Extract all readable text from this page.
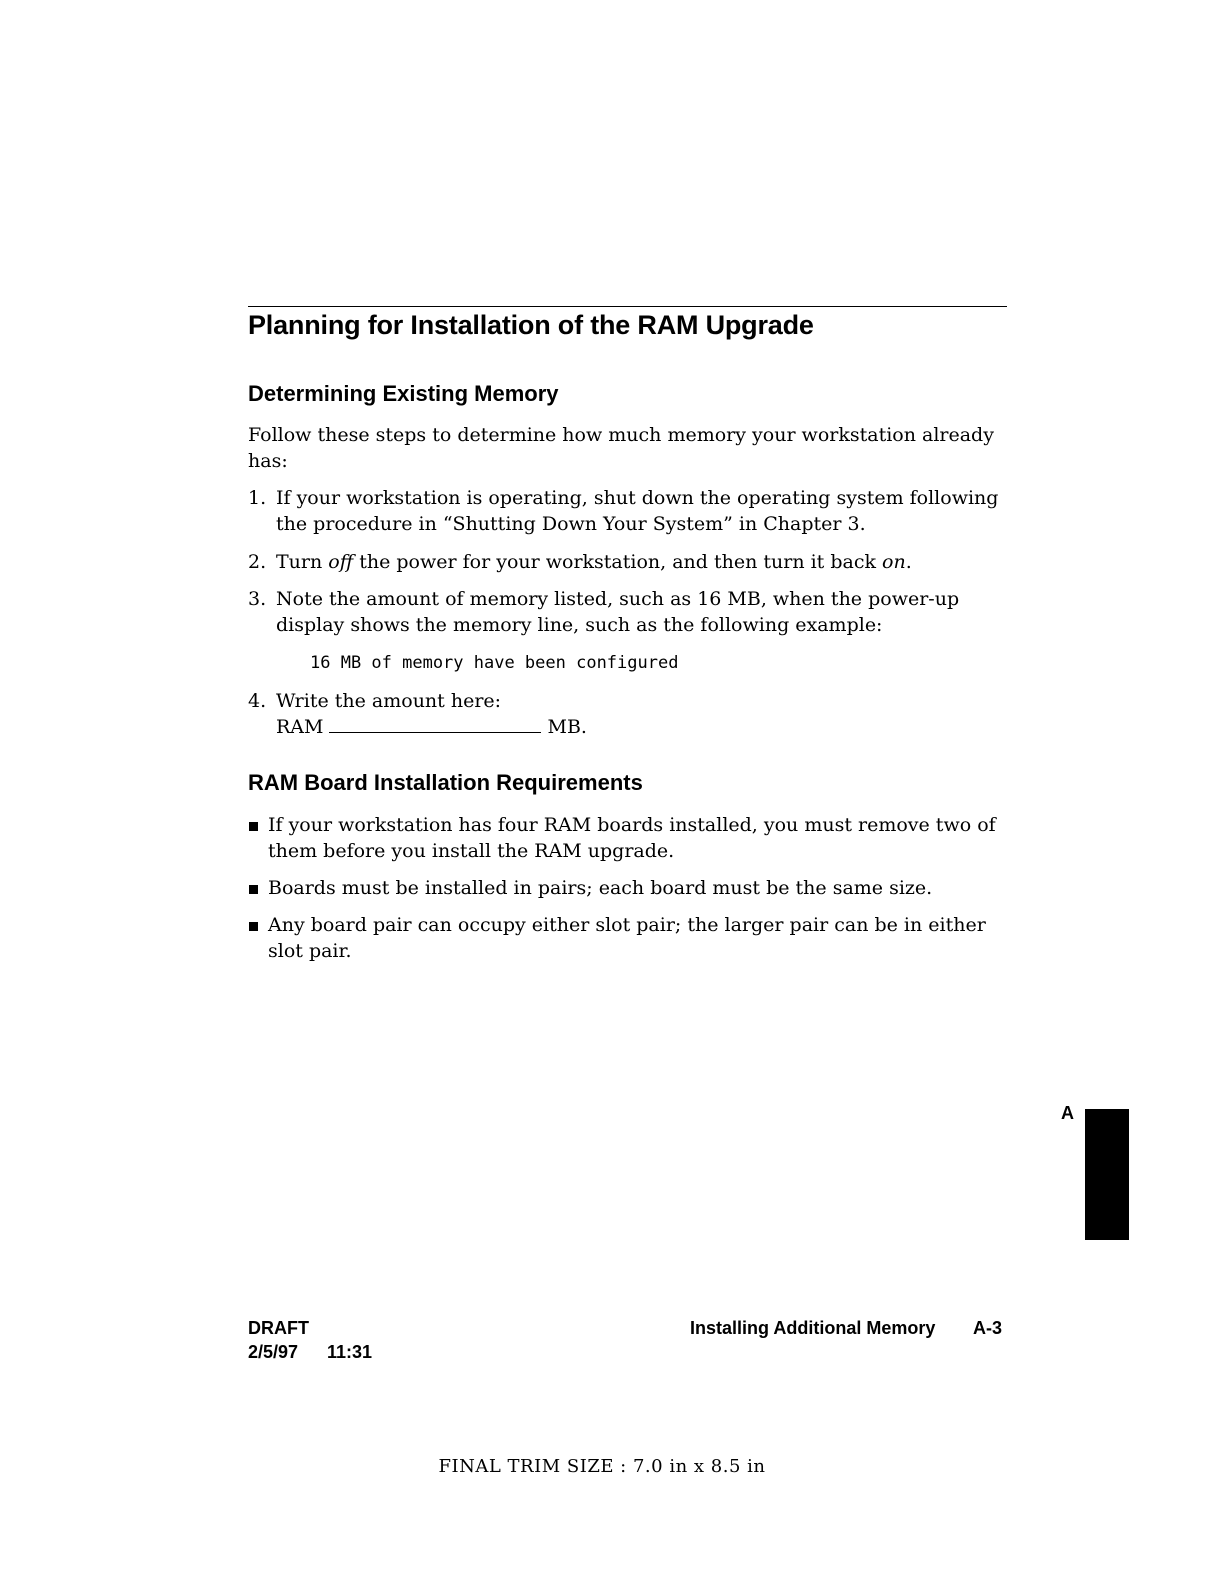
Planning for Installation of the RAM Upgrade
Determining Existing Memory
Follow these steps to determine how much memory your workstation already
has:
1. If your workstation is operating, shut down the operating system following
the procedure in “Shutting Down Your System” in Chapter 3.
2. Turn off the power for your workstation, and then turn it back on.
3. Note the amount of memory listed, such as 16 MB, when the power-up
display shows the memory line, such as the following example:
16 MB of memory have been configured
4. Write the amount here:
RAM	MB.
RAM Board Installation Requirements
If your workstation has four RAM boards installed, you must remove two of
them before you install the RAM upgrade.
Boards must be installed in pairs; each board must be the same size.
Any board pair can occupy either slot pair; the larger pair can be in either
slot pair.
A
DRAFT
2/5/97 11:31
Installing Additional Memory A-3
FINAL TRIM SIZE : 7.0 in x 8.5 in
